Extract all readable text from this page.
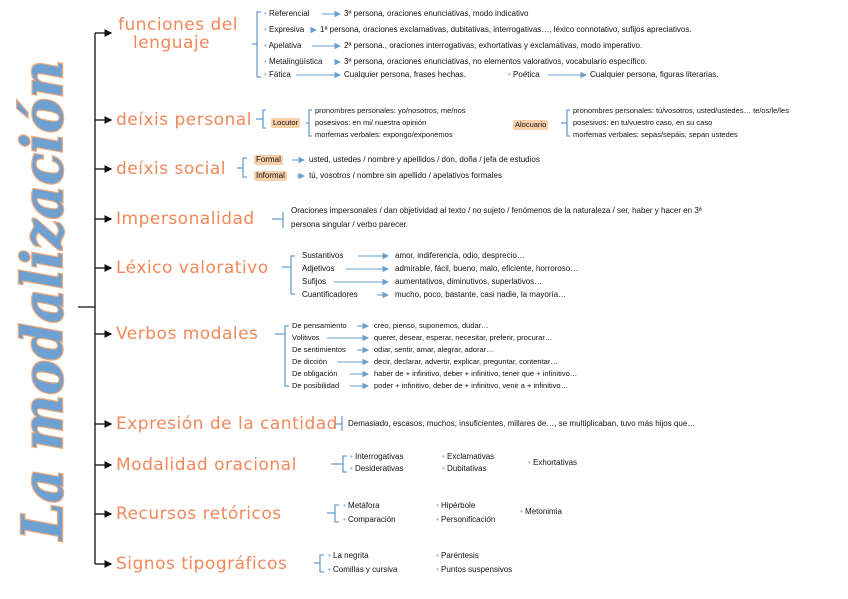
La modalización
funciones del
lenguaje
• Referencial	3ª persona, oraciones enunciativas, modo indicativo
• Expresiva 1ª persona, oraciones exclamativas, dubitativas, interrogativas…, léxico connotativo, sufijos apreciativos.
• Apelativa	2ª persona., oraciones interrogativas, exhortativas y exclamativas, modo imperativo.
• Metalingüística	3ª persona, oraciones enunciativas, no elementos valorativos, vocabulario específico.
• Fática	Cualquier persona, frases hechas.	• Poética	Cualquier persona, figuras literarias.
deíxis personal	Locutor
pronombres personales: yo/nosotros, me/nos
posesivos: en mi/ nuestra opinión
morfemas verbales: expongo/exponemos
Alocuario
pronombres personales: tú/vosotros, usted/ustedes… te/os/le/les
posesivos: en tu/vuestro caso, en su caso
morfemas verbales: sepas/sepáis, sepan ustedes
deíxis social	Formal	usted, ustedes / nombre y apellidos / don, doña / jefa de estudios
Informal	tú, vosotros / nombre sin apellido / apelativos formales
Impersonalidad	Oraciones impersonales / dan objetividad al texto / no sujeto / fenómenos de la naturaleza / ser, haber y hacer en 3ª
persona singular / verbo parecer.
Léxico valorativo
Sustantivos	amor, indiferencia, odio, desprecio…
Adjetivos	admirable, fácil, bueno, malo, eficiente, horroroso…
Sufijos	aumentativos, diminutivos, superlativos…
Cuantificadores	mucho, poco, bastante, casi nadie, la mayoría…
Verbos modales	De pensamiento	creo, pienso, suponemos, dudar…
Volitivos	querer, desear, esperar, necesitar, preferir, procurar…
De sentimientos	odiar, sentir, amar, alegrar, adorar…
De dicción	decir, declarar, advertir, explicar, preguntar, contentar…
De obligación	haber de + infinitivo, deber + infinitivo, tener que + infinitivo…
De posibilidad	poder + infinitivo, deber de + infinitivo, venir a + infinitivo…
Expresión de la cantidad Demasiado, escasos, muchos, insuficientes, millares de…, se multiplicaban, tuvo más hijos que…
Modalidad oracional	• Interrogativas
• Desiderativas
• Exclamativas
• Dubitativas
• Exhortativas
Recursos retóricos	• Metáfora
• Comparación
• Hipérbole
• Personificación
• Metonimia
Signos tipográficos	• La negrita
• Comillas y cursiva
• Paréntesis
• Puntos suspensivos
